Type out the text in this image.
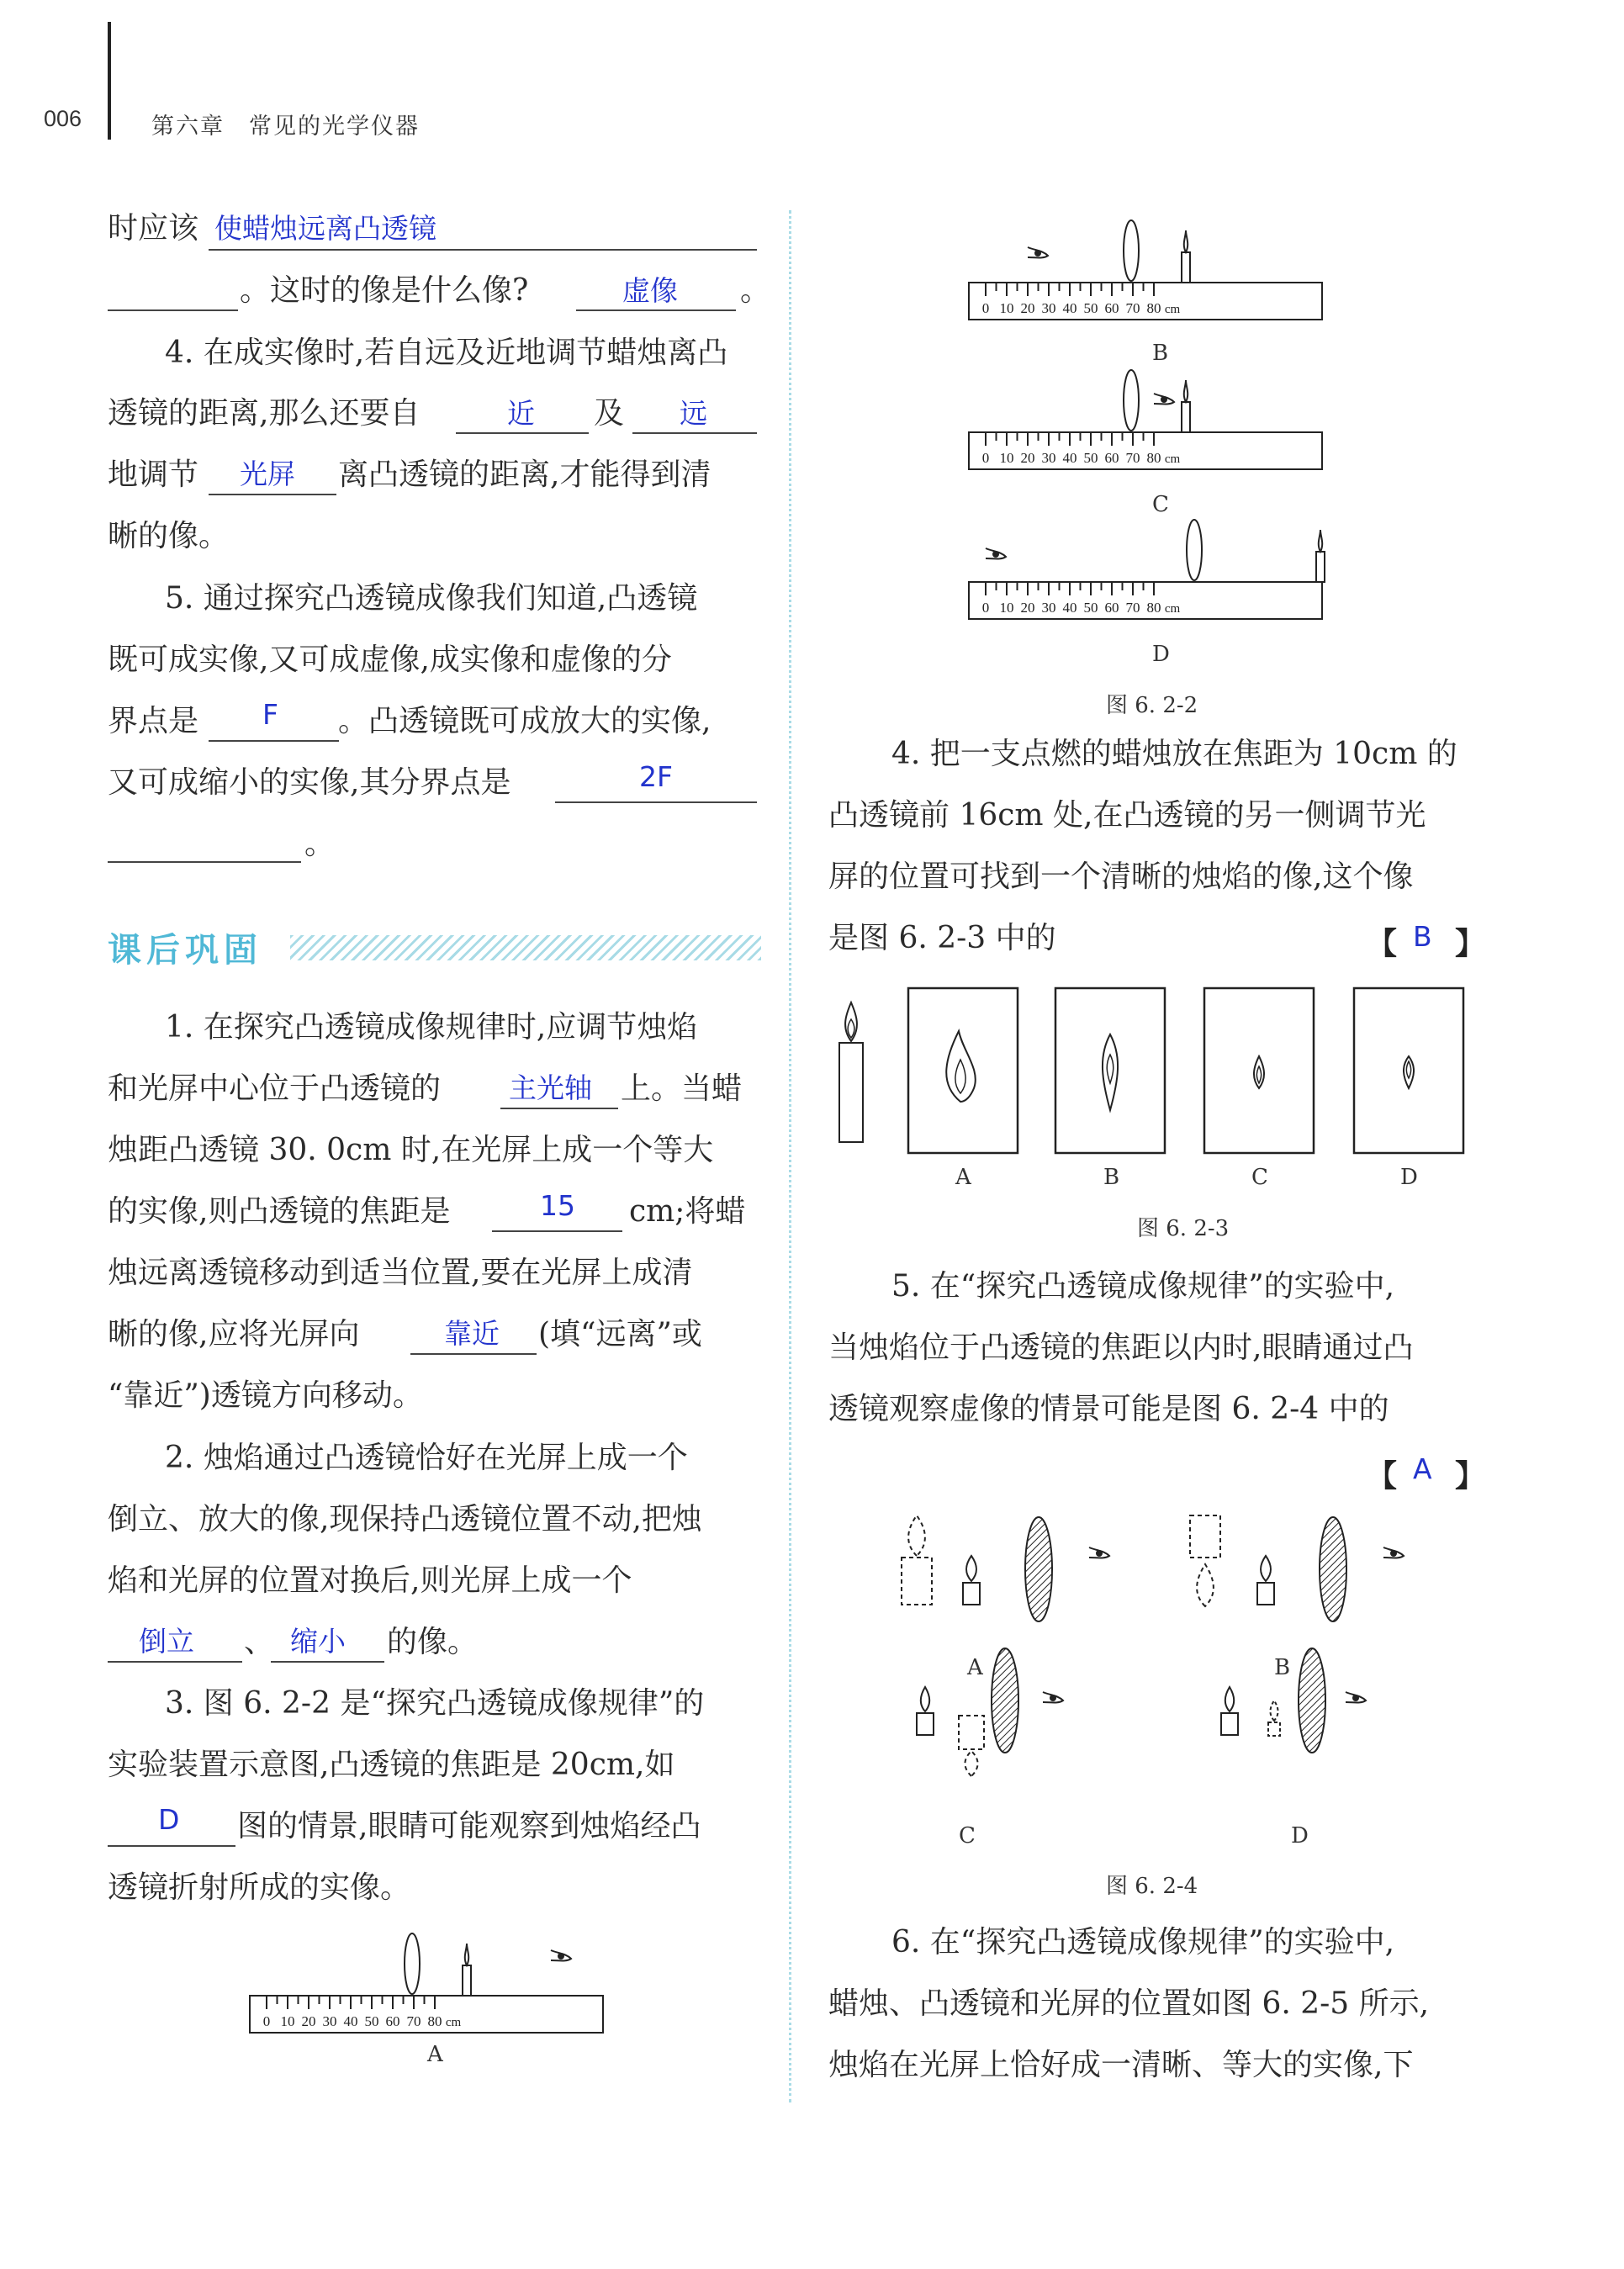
006	第六章　常见的光学仪器
时应该 使蜡烛远离凸透镜
。这时的像是什么像?	虚像 。
4. 在成实像时,若自远及近地调节蜡烛离凸
透镜的距离,那么还要自	近 及 远
地调节 光屏 离凸透镜的距离,才能得到清
晰的像。
5. 通过探究凸透镜成像我们知道,凸透镜
既可成实像,又可成虚像,成实像和虚像的分
界点是 F 。凸透镜既可成放大的实像,
又可成缩小的实像,其分界点是	2F
。
课后巩固
1. 在探究凸透镜成像规律时,应调节烛焰
和光屏中心位于凸透镜的 主光轴 上。当蜡
烛距凸透镜 30. 0cm 时,在光屏上成一个等大
的实像,则凸透镜的焦距是	15 cm;将蜡
烛远离透镜移动到适当位置,要在光屏上成清
晰的像,应将光屏向	靠近 (填“远离”或
“靠近”)透镜方向移动。
2. 烛焰通过凸透镜恰好在光屏上成一个
倒立、放大的像,现保持凸透镜位置不动,把烛
焰和光屏的位置对换后,则光屏上成一个
倒立 、 缩小 的像。
3. 图 6. 2-2 是“探究凸透镜成像规律”的
实验装置示意图,凸透镜的焦距是 20cm,如
D 图的情景,眼睛可能观察到烛焰经凸
透镜折射所成的实像。
0 10 20 30 40 50 60 70 80 cm
A
0 10 20 30 40 50 60 70 80 cm
B
0 10 20 30 40 50 60 70 80 cm
C
0 10 20 30 40 50 60 70 80 cm
D
图 6. 2-2
4. 把一支点燃的蜡烛放在焦距为 10cm 的
凸透镜前 16cm 处,在凸透镜的另一侧调节光
屏的位置可找到一个清晰的烛焰的像,这个像
是图 6. 2-3 中的	【 B 】
A	B	C	D
图 6. 2-3
5. 在“探究凸透镜成像规律”的实验中,
当烛焰位于凸透镜的焦距以内时,眼睛通过凸
透镜观察虚像的情景可能是图 6. 2-4 中的
【 A 】
A	B
C	D
图 6. 2-4
6. 在“探究凸透镜成像规律”的实验中,
蜡烛、凸透镜和光屏的位置如图 6. 2-5 所示,
烛焰在光屏上恰好成一清晰、等大的实像,下
